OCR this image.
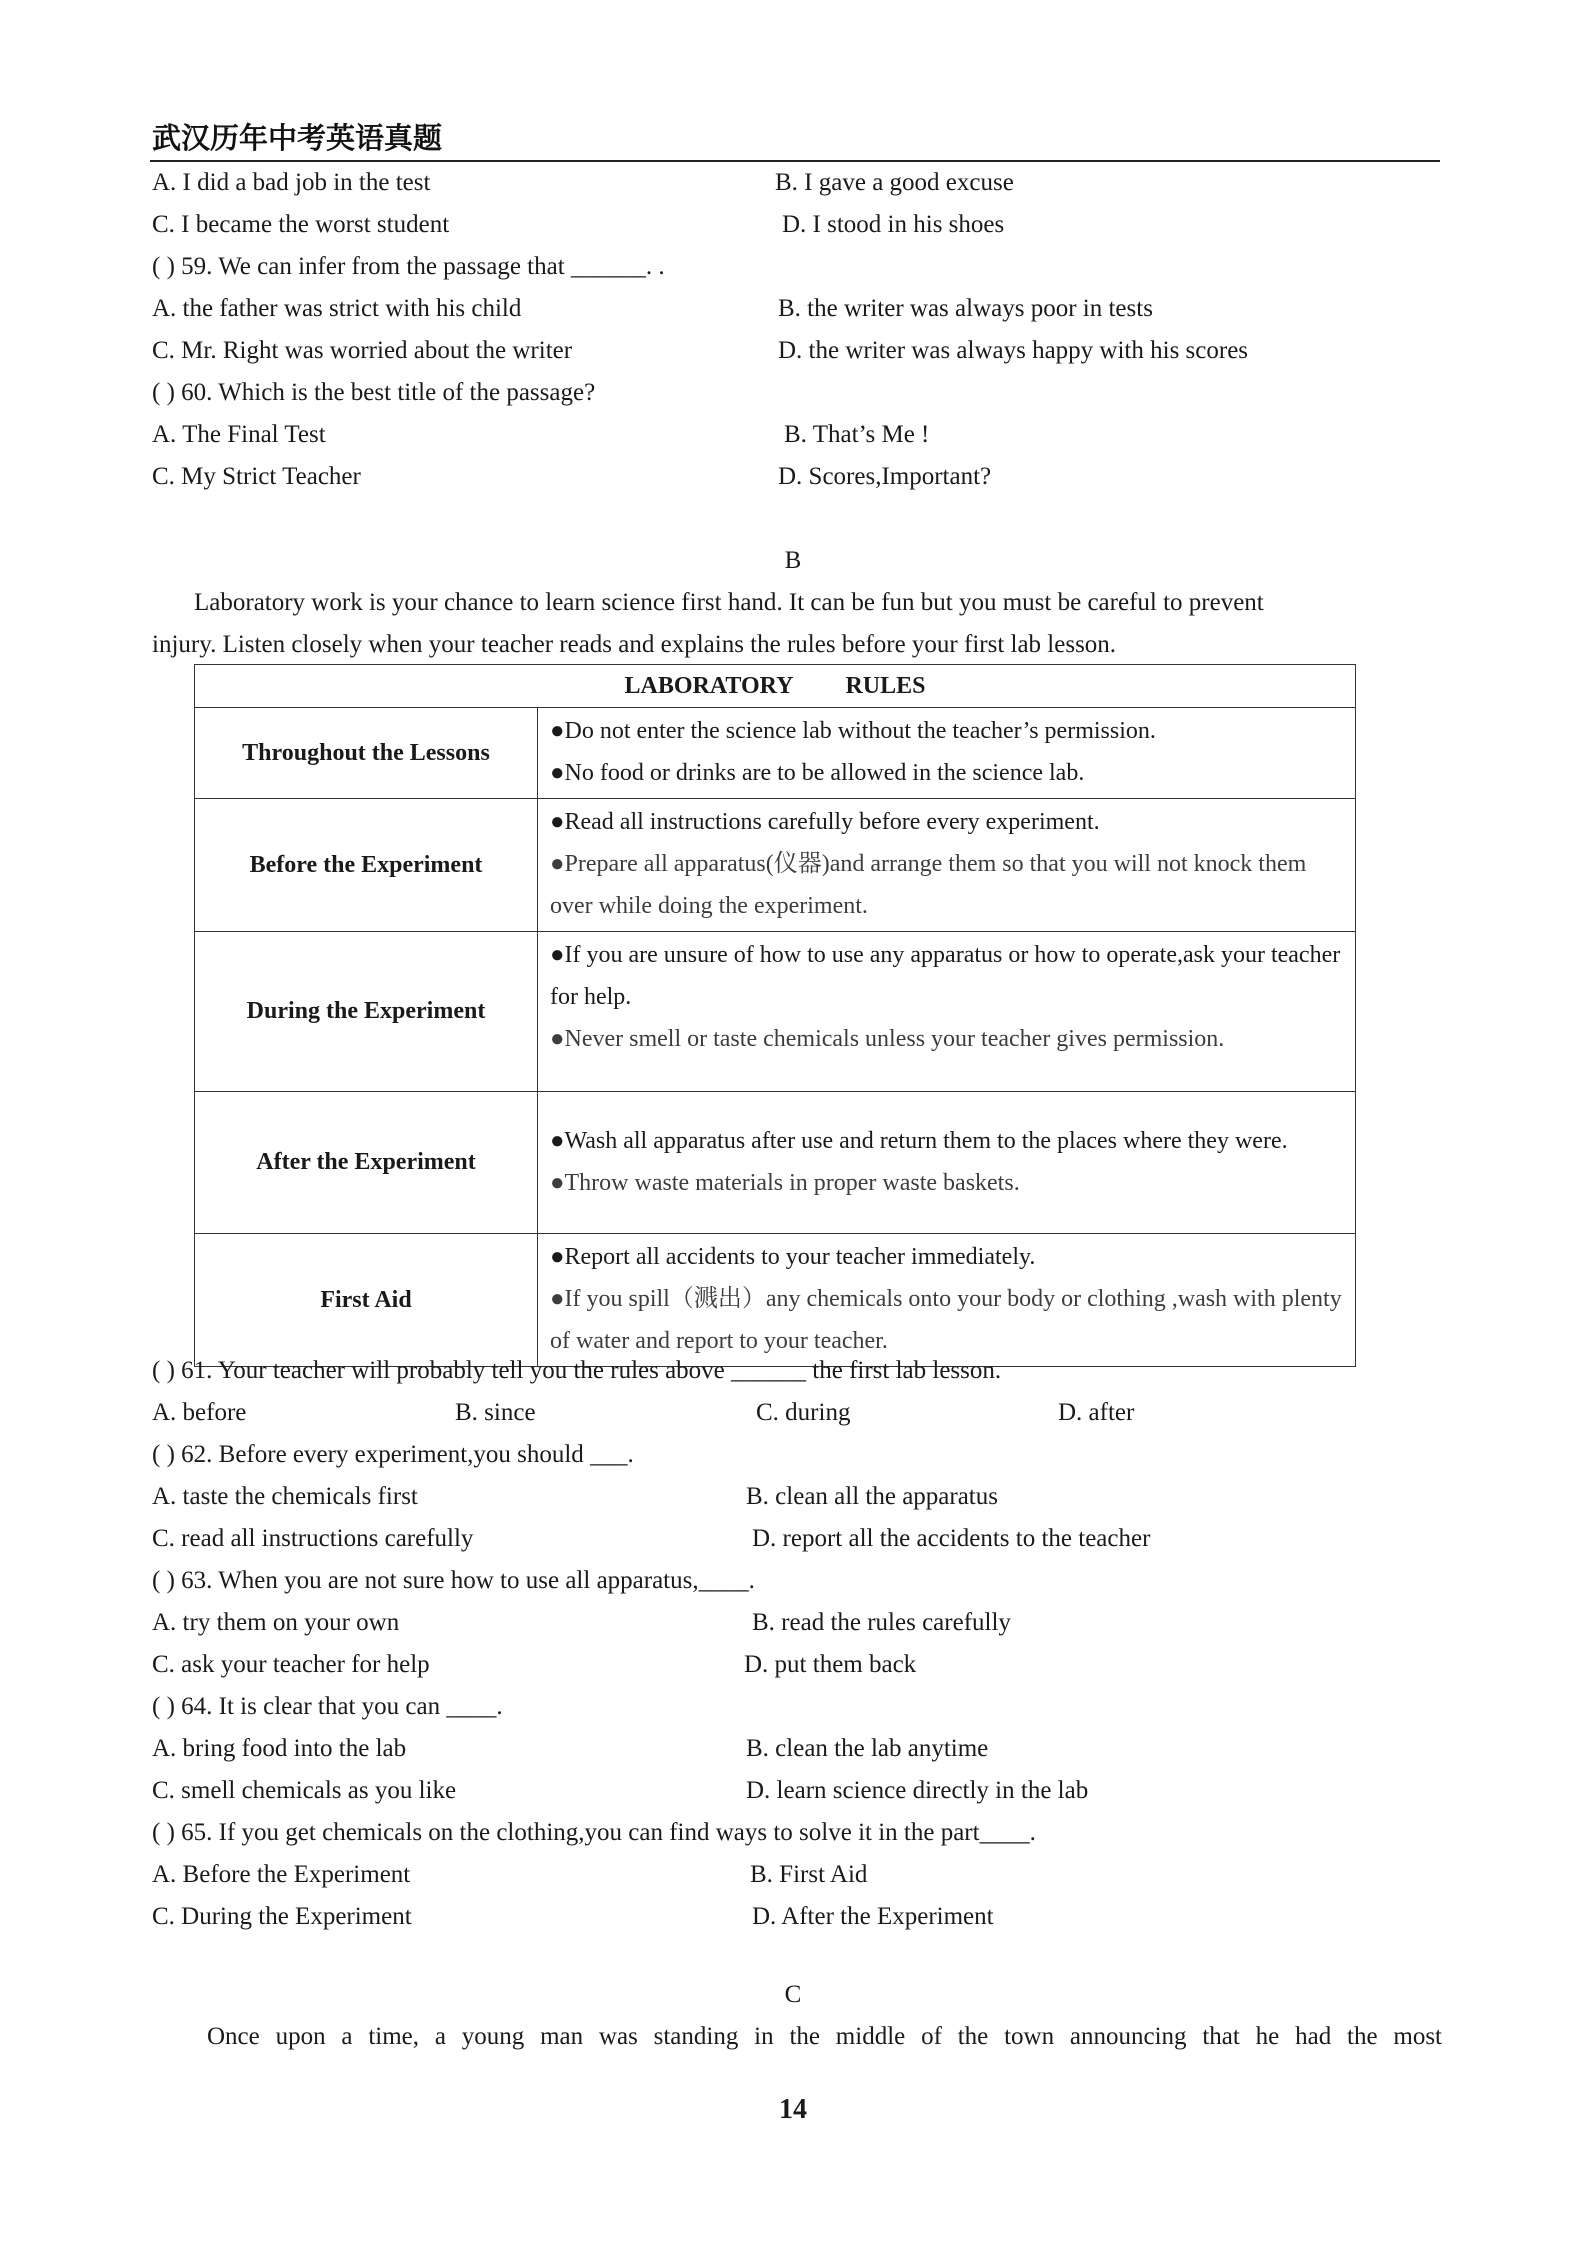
武汉历年中考英语真题
A. I did a bad job in the test	B. I gave a good excuse
C. I became the worst student	D. I stood in his shoes
( ) 59. We can infer from the passage that ______. .
A. the father was strict with his child	B. the writer was always poor in tests
C. Mr. Right was worried about the writer	D. the writer was always happy with his scores
( ) 60. Which is the best title of the passage?
A. The Final Test	B. That’s Me !
C. My Strict Teacher	D. Scores,Important?
B
Laboratory work is your chance to learn science first hand. It can be fun but you must be careful to prevent
injury. Listen closely when your teacher reads and explains the rules before your first lab lesson.
LABORATORY RULES	
Throughout the Lessons	●Do not enter the science lab without the teacher’s permission.
●No food or drinks are to be allowed in the science lab.

Before the Experiment	●Read all instructions carefully before every experiment.
●Prepare all apparatus(仪器)and arrange them so that you will not knock them over while doing the experiment.

During the Experiment	●If you are unsure of how to use any apparatus or how to operate,ask your teacher for help.
●Never smell or taste chemicals unless your teacher gives permission.

After the Experiment	●Wash all apparatus after use and return them to the places where they were.
●Throw waste materials in proper waste baskets.

First Aid	●Report all accidents to your teacher immediately.
●If you spill（溅出）any chemicals onto your body or clothing ,wash with plenty of water and report to your teacher.
( ) 61. Your teacher will probably tell you the rules above ______ the first lab lesson.
A. before	B. since	C. during	D. after
( ) 62. Before every experiment,you should ___.
A. taste the chemicals first	B. clean all the apparatus
C. read all instructions carefully	D. report all the accidents to the teacher
( ) 63. When you are not sure how to use all apparatus,____.
A. try them on your own	B. read the rules carefully
C. ask your teacher for help	D. put them back
( ) 64. It is clear that you can ____.
A. bring food into the lab	B. clean the lab anytime
C. smell chemicals as you like	D. learn science directly in the lab
( ) 65. If you get chemicals on the clothing,you can find ways to solve it in the part____.
A. Before the Experiment	B. First Aid
C. During the Experiment	D. After the Experiment
C
Once upon a time, a young man was standing in the middle of the town announcing that he had the most
14
